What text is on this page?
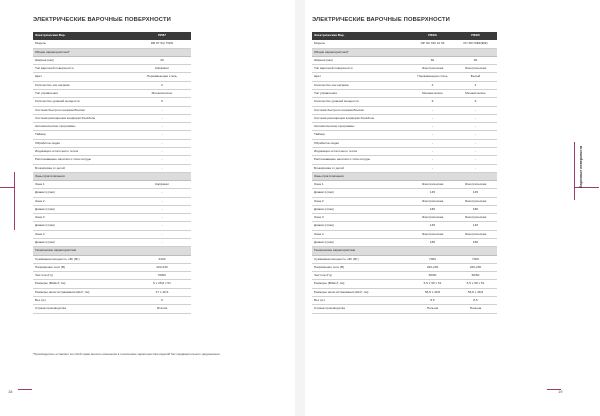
ЭЛЕКТРИЧЕСКИЕ ВАРОЧНЫЕ ПОВЕРХНОСТИ
Электрическая Вар.	ПЛ87
Модель	DB 87 SQ 7WW
Общие характеристики*	
Ширина (мм)	30
Тип варочной поверхности	Кирфикат
Цвет	Нержавеющая сталь
Количество зон нагрева	2
Тип управления	Механическое
Количество уровней мощности	9
Система быстрого нагрева Booster	-
Система расширения конфорки FlexiZone	-
Автоматические программы	-
Таймер	-
Обработка лидки	-
Индикация остаточного тепла	-
Распознавание наличия и типа посуды	-
Блокировка от детей	-
Зоны приготовления	
Зона 1	Кирфикат
Диаметр (мм)	-
Зона 2	-
Диаметр (мм)	-
Зона 3	-
Диаметр (мм)	-
Зона 4	-
Диаметр (мм)	-
Технические характеристики	
Суммарная мощность, кВт (Вт)	2400
Напряжение сети (В)	220-230
Частота (Гц)	50/60
Размеры (ВхШхГ, см)	5 x 28,8 x 51
Размеры ниши встраивания (ШхГ, см)	27 x 49,6
Вес (кг)	6
Страна производства	Италия
*Производитель оставляет за собой право вносить изменения в технические характеристики изделий без предварительного уведомления.
18
ЭЛЕКТРИЧЕСКИЕ ВАРОЧНЫЕ ПОВЕРХНОСТИ
Электрическая Вар.	П6Фб	П6Фб
Модель	ЭР ЭС 6Ю 12 94	РС 6Ю 5ФФ(ФФ)
Общие характеристики*		
Ширина (мм)	60	60
Тип варочной поверхности	Электрическая	Электрическая
Цвет	Нержавеющая сталь	Белый
Количество зон нагрева	4	4
Тип управления	Механическое	Механическое
Количество уровней мощности	9	9
Система быстрого нагрева Booster	-	-
Система расширения конфорки FlexiZone	-	-
Автоматические программы	-	-
Таймер	-	-
Обработка лидки	-	-
Индикация остаточного тепла	-	-
Распознавание наличия и типа посуды	-	-
Блокировка от детей	-	-
Зоны приготовления		
Зона 1	Электрическая	Электрическая
Диаметр (мм)	145	145
Зона 2	Электрическая	Электрическая
Диаметр (мм)	180	180
Зона 3	Электрическая	Электрическая
Диаметр (мм)	145	145
Зона 4	Электрическая	Электрическая
Диаметр (мм)	180	180
Технические характеристики		
Суммарная мощность, кВт (Вт)	7000	7000
Напряжение сети (В)	220-230	220-230
Частота (Гц)	50/60	50/60
Размеры (ВхШхГ, см)	5,5 x 59 x 51	5,5 x 59 x 51
Размеры ниши встраивания (ШхГ, см)	56,8 x 48,8	56,8 x 48,8
Вес (кг)	8,5	8,5
Страна производства	Польша	Польша
Варочные поверхности
19
